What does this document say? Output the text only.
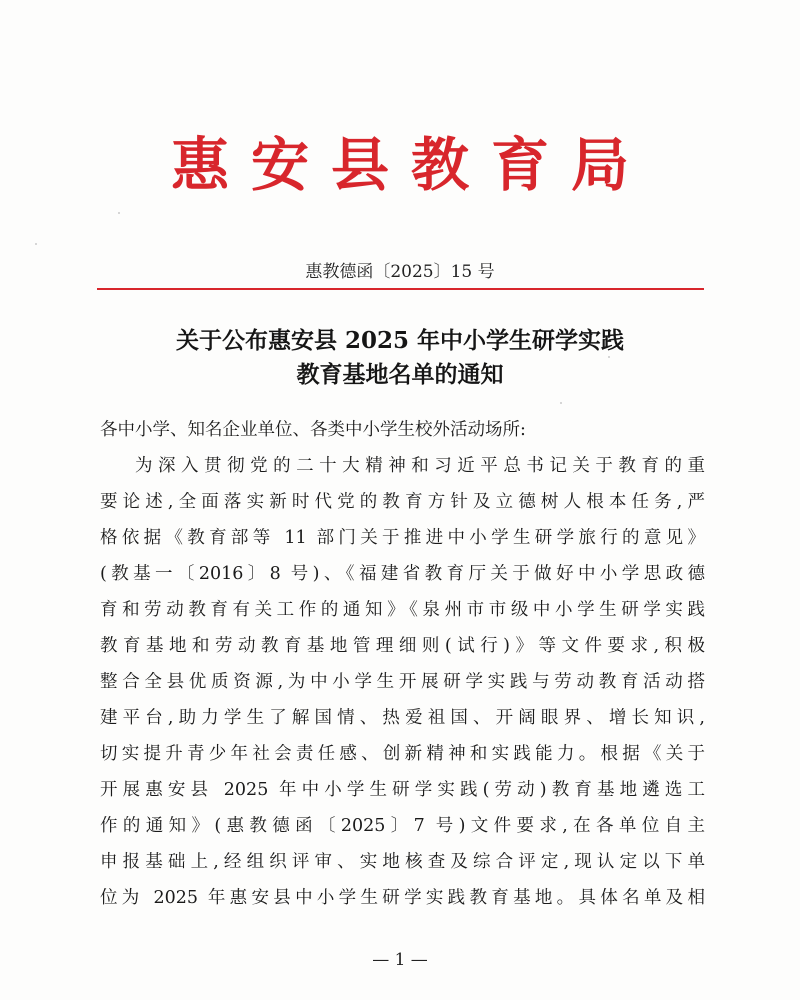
惠安县教育局
惠教德函〔2025〕15 号
关于公布惠安县 2025 年中小学生研学实践
教育基地名单的通知
各中小学、知名企业单位、各类中小学生校外活动场所:
为深入贯彻党的二十大精神和习近平总书记关于教育的重
要论述,全面落实新时代党的教育方针及立德树人根本任务,严
格依据《教育部等 11 部门关于推进中小学生研学旅行的意见》
(教基一〔2016〕8 号)、《福建省教育厅关于做好中小学思政德
育和劳动教育有关工作的通知》《泉州市市级中小学生研学实践
教育基地和劳动教育基地管理细则(试行)》等文件要求,积极
整合全县优质资源,为中小学生开展研学实践与劳动教育活动搭
建平台,助力学生了解国情、热爱祖国、开阔眼界、增长知识,
切实提升青少年社会责任感、创新精神和实践能力。根据《关于
开展惠安县 2025 年中小学生研学实践(劳动)教育基地遴选工
作的通知》(惠教德函〔2025〕7 号)文件要求,在各单位自主
申报基础上,经组织评审、实地核查及综合评定,现认定以下单
位为 2025 年惠安县中小学生研学实践教育基地。具体名单及相
— 1 —
